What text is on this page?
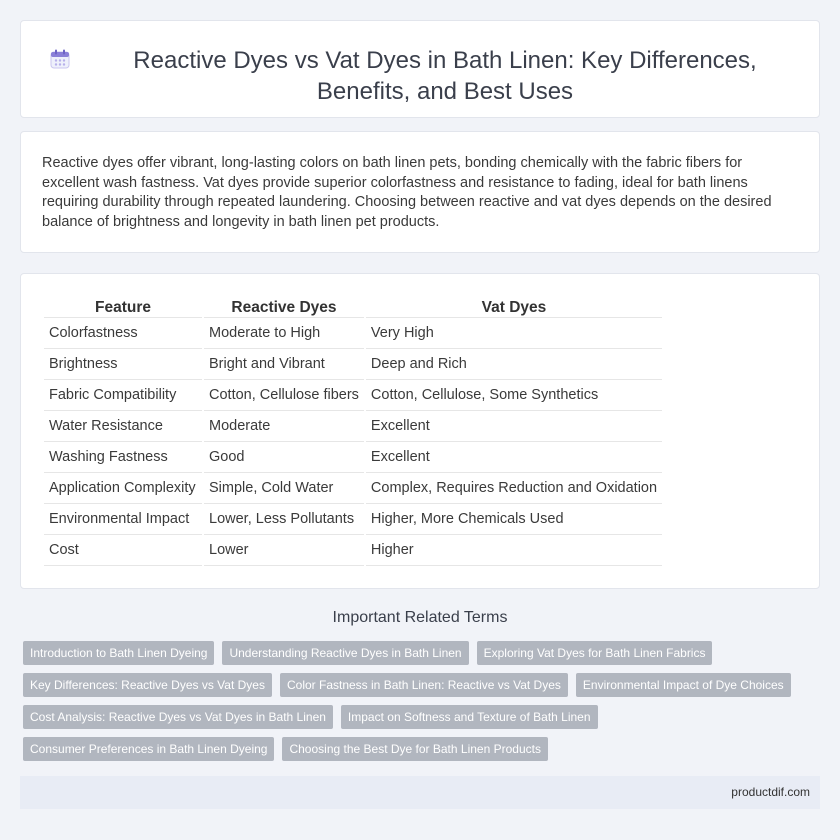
Reactive Dyes vs Vat Dyes in Bath Linen: Key Differences, Benefits, and Best Uses

Reactive dyes offer vibrant, long-lasting colors on bath linen pets, bonding chemically with the fabric fibers for excellent wash fastness. Vat dyes provide superior colorfastness and resistance to fading, ideal for bath linens requiring durability through repeated laundering. Choosing between reactive and vat dyes depends on the desired balance of brightness and longevity in bath linen pet products.

Feature	Reactive Dyes	Vat Dyes
Colorfastness	Moderate to High	Very High
Brightness	Bright and Vibrant	Deep and Rich
Fabric Compatibility	Cotton, Cellulose fibers	Cotton, Cellulose, Some Synthetics
Water Resistance	Moderate	Excellent
Washing Fastness	Good	Excellent
Application Complexity	Simple, Cold Water	Complex, Requires Reduction and Oxidation
Environmental Impact	Lower, Less Pollutants	Higher, More Chemicals Used
Cost	Lower	Higher
Important Related Terms
Introduction to Bath Linen Dyeing	Understanding Reactive Dyes in Bath Linen	Exploring Vat Dyes for Bath Linen Fabrics
Key Differences: Reactive Dyes vs Vat Dyes	Color Fastness in Bath Linen: Reactive vs Vat Dyes	Environmental Impact of Dye Choices
Cost Analysis: Reactive Dyes vs Vat Dyes in Bath Linen	Impact on Softness and Texture of Bath Linen
Consumer Preferences in Bath Linen Dyeing	Choosing the Best Dye for Bath Linen Products
productdif.com
